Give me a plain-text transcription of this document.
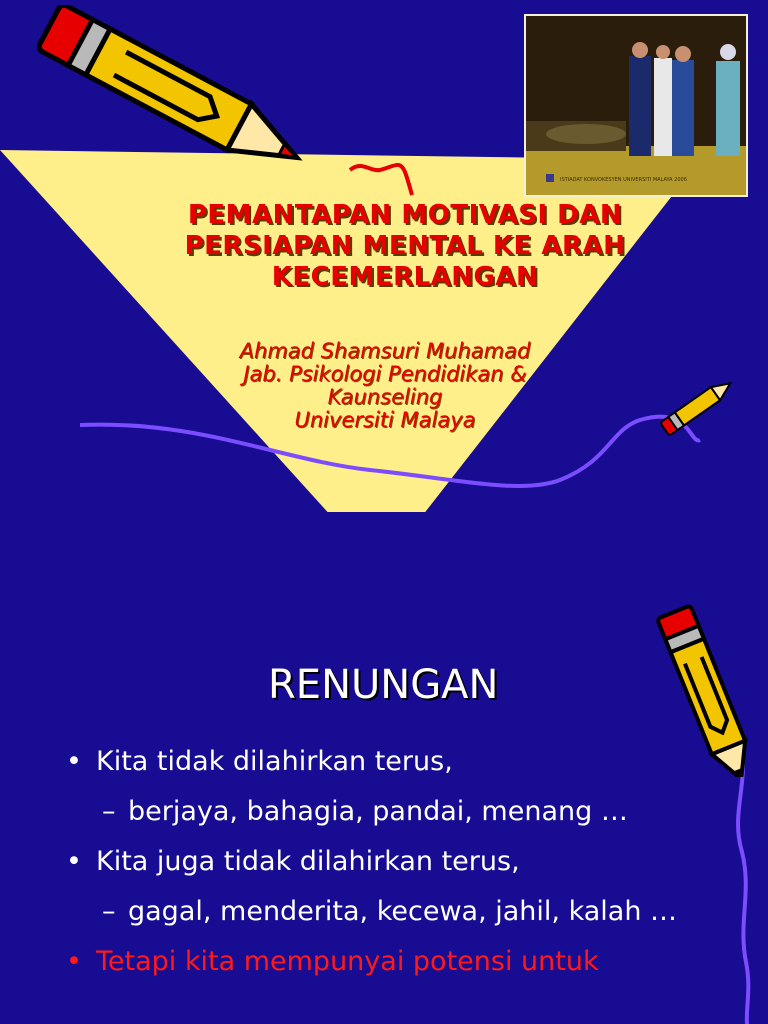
ISTIADAT KONVOKESYEN UNIVERSITI MALAYA 2006
PEMANTAPAN MOTIVASI DAN
PERSIAPAN MENTAL KE ARAH
KECEMERLANGAN
Ahmad Shamsuri Muhamad
Jab. Psikologi Pendidikan &
Kaunseling
Universiti Malaya
RENUNGAN
• Kita tidak dilahirkan terus,
– berjaya, bahagia, pandai, menang …
• Kita juga tidak dilahirkan terus,
– gagal, menderita, kecewa, jahil, kalah …
• Tetapi kita mempunyai potensi untuk
